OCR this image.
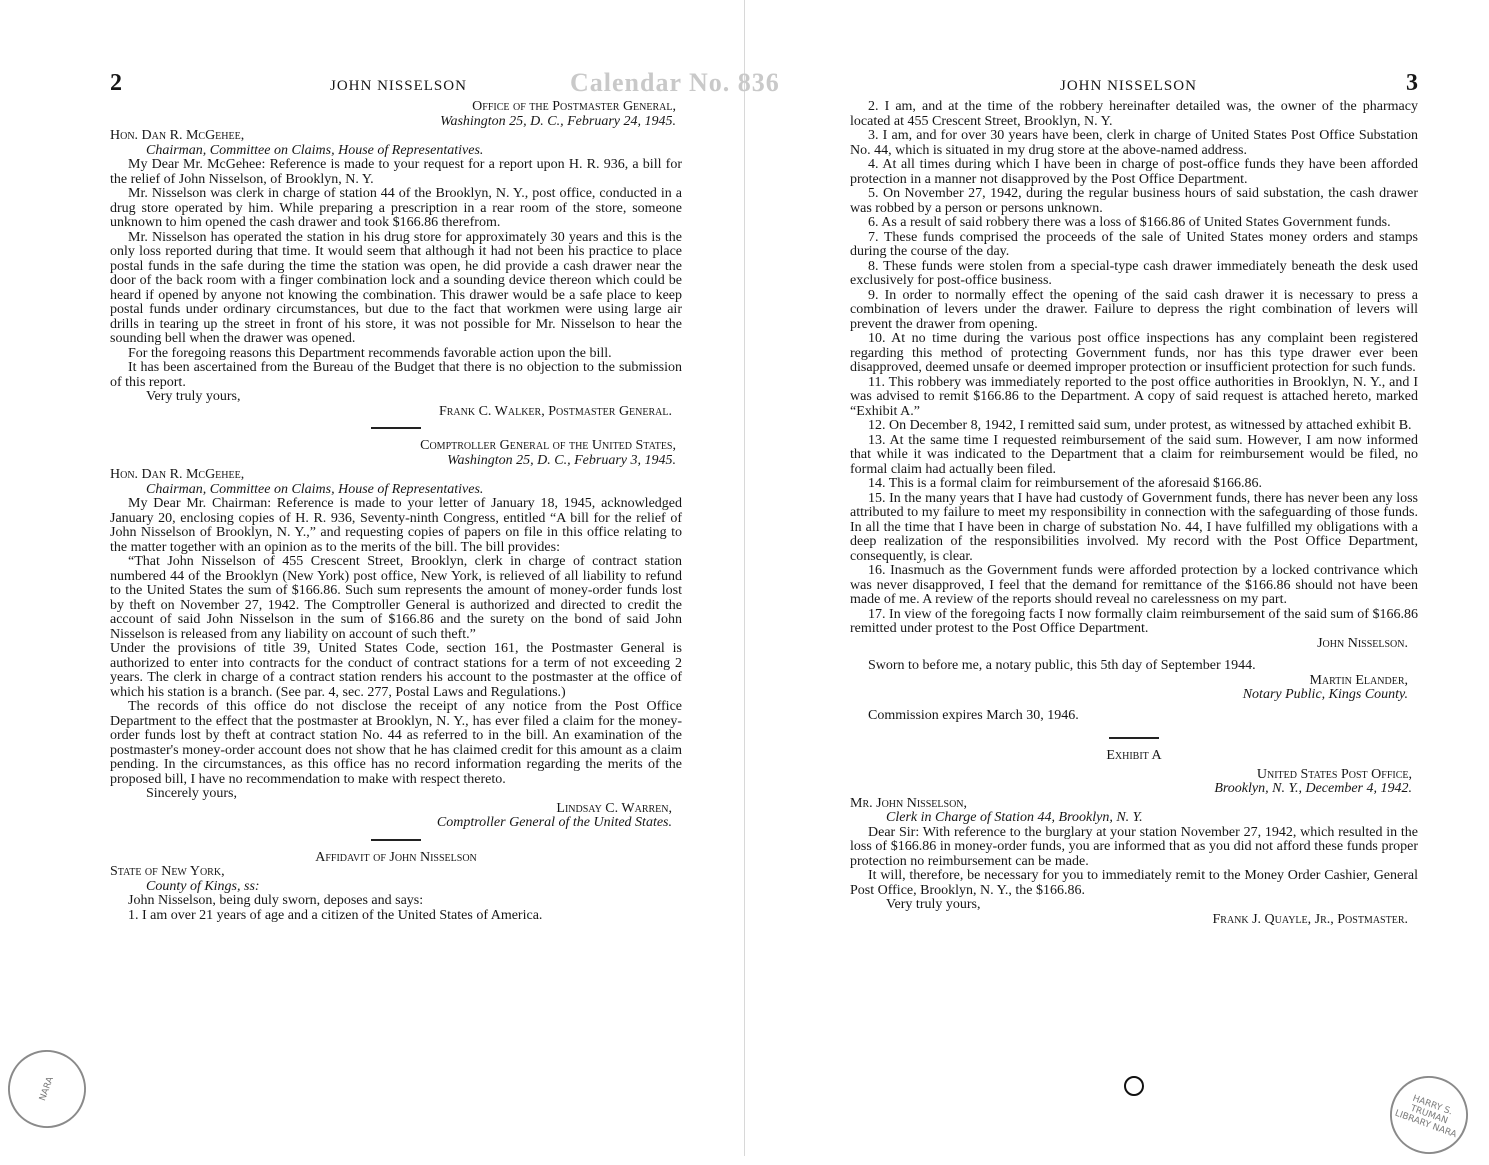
Calendar No. 836
2	JOHN NISSELSON
Office of the Postmaster General,
Washington 25, D. C., February 24, 1945.

Hon. Dan R. McGehee,

Chairman, Committee on Claims, House of Representatives.

My Dear Mr. McGehee: Reference is made to your request for a report upon H. R. 936, a bill for the relief of John Nisselson, of Brooklyn, N. Y.

Mr. Nisselson was clerk in charge of station 44 of the Brooklyn, N. Y., post office, conducted in a drug store operated by him. While preparing a prescription in a rear room of the store, someone unknown to him opened the cash drawer and took $166.86 therefrom.

Mr. Nisselson has operated the station in his drug store for approximately 30 years and this is the only loss reported during that time. It would seem that although it had not been his practice to place postal funds in the safe during the time the station was open, he did provide a cash drawer near the door of the back room with a finger combination lock and a sounding device thereon which could be heard if opened by anyone not knowing the combination. This drawer would be a safe place to keep postal funds under ordinary circumstances, but due to the fact that workmen were using large air drills in tearing up the street in front of his store, it was not possible for Mr. Nisselson to hear the sounding bell when the drawer was opened.

For the foregoing reasons this Department recommends favorable action upon the bill.

It has been ascertained from the Bureau of the Budget that there is no objection to the submission of this report.

Very truly yours,

Frank C. Walker, Postmaster General.
Comptroller General of the United States,
Washington 25, D. C., February 3, 1945.

Hon. Dan R. McGehee,

Chairman, Committee on Claims, House of Representatives.

My Dear Mr. Chairman: Reference is made to your letter of January 18, 1945, acknowledged January 20, enclosing copies of H. R. 936, Seventy-ninth Congress, entitled “A bill for the relief of John Nisselson of Brooklyn, N. Y.,” and requesting copies of papers on file in this office relating to the matter together with an opinion as to the merits of the bill. The bill provides:

“That John Nisselson of 455 Crescent Street, Brooklyn, clerk in charge of contract station numbered 44 of the Brooklyn (New York) post office, New York, is relieved of all liability to refund to the United States the sum of $166.86. Such sum represents the amount of money-order funds lost by theft on November 27, 1942. The Comptroller General is authorized and directed to credit the account of said John Nisselson in the sum of $166.86 and the surety on the bond of said John Nisselson is released from any liability on account of such theft.”

Under the provisions of title 39, United States Code, section 161, the Postmaster General is authorized to enter into contracts for the conduct of contract stations for a term of not exceeding 2 years. The clerk in charge of a contract station renders his account to the postmaster at the office of which his station is a branch. (See par. 4, sec. 277, Postal Laws and Regulations.)

The records of this office do not disclose the receipt of any notice from the Post Office Department to the effect that the postmaster at Brooklyn, N. Y., has ever filed a claim for the money-order funds lost by theft at contract station No. 44 as referred to in the bill. An examination of the postmaster's money-order account does not show that he has claimed credit for this amount as a claim pending. In the circumstances, as this office has no record information regarding the merits of the proposed bill, I have no recommendation to make with respect thereto.

Sincerely yours,

Lindsay C. Warren,
Comptroller General of the United States.
Affidavit of John Nisselson

State of New York,

County of Kings, ss:

John Nisselson, being duly sworn, deposes and says:

1. I am over 21 years of age and a citizen of the United States of America.

NARA
JOHN NISSELSON	3

2. I am, and at the time of the robbery hereinafter detailed was, the owner of the pharmacy located at 455 Crescent Street, Brooklyn, N. Y.

3. I am, and for over 30 years have been, clerk in charge of United States Post Office Substation No. 44, which is situated in my drug store at the above-named address.

4. At all times during which I have been in charge of post-office funds they have been afforded protection in a manner not disapproved by the Post Office Department.

5. On November 27, 1942, during the regular business hours of said substation, the cash drawer was robbed by a person or persons unknown.

6. As a result of said robbery there was a loss of $166.86 of United States Government funds.

7. These funds comprised the proceeds of the sale of United States money orders and stamps during the course of the day.

8. These funds were stolen from a special-type cash drawer immediately beneath the desk used exclusively for post-office business.

9. In order to normally effect the opening of the said cash drawer it is necessary to press a combination of levers under the drawer. Failure to depress the right combination of levers will prevent the drawer from opening.

10. At no time during the various post office inspections has any complaint been registered regarding this method of protecting Government funds, nor has this type drawer ever been disapproved, deemed unsafe or deemed improper protection or insufficient protection for such funds.

11. This robbery was immediately reported to the post office authorities in Brooklyn, N. Y., and I was advised to remit $166.86 to the Department. A copy of said request is attached hereto, marked “Exhibit A.”

12. On December 8, 1942, I remitted said sum, under protest, as witnessed by attached exhibit B.

13. At the same time I requested reimbursement of the said sum. However, I am now informed that while it was indicated to the Department that a claim for reimbursement would be filed, no formal claim had actually been filed.

14. This is a formal claim for reimbursement of the aforesaid $166.86.

15. In the many years that I have had custody of Government funds, there has never been any loss attributed to my failure to meet my responsibility in connection with the safeguarding of those funds. In all the time that I have been in charge of substation No. 44, I have fulfilled my obligations with a deep realization of the responsibilities involved. My record with the Post Office Department, consequently, is clear.

16. Inasmuch as the Government funds were afforded protection by a locked contrivance which was never disapproved, I feel that the demand for remittance of the $166.86 should not have been made of me. A review of the reports should reveal no carelessness on my part.

17. In view of the foregoing facts I now formally claim reimbursement of the said sum of $166.86 remitted under protest to the Post Office Department.

John Nisselson.

Sworn to before me, a notary public, this 5th day of September 1944.

Martin Elander,
Notary Public, Kings County.

Commission expires March 30, 1946.

Exhibit A
United States Post Office,
Brooklyn, N. Y., December 4, 1942.

Mr. John Nisselson,

Clerk in Charge of Station 44, Brooklyn, N. Y.

Dear Sir: With reference to the burglary at your station November 27, 1942, which resulted in the loss of $166.86 in money-order funds, you are informed that as you did not afford these funds proper protection no reimbursement can be made.

It will, therefore, be necessary for you to immediately remit to the Money Order Cashier, General Post Office, Brooklyn, N. Y., the $166.86.

Very truly yours,

Frank J. Quayle, Jr., Postmaster.
HARRY S. TRUMAN LIBRARY NARA
